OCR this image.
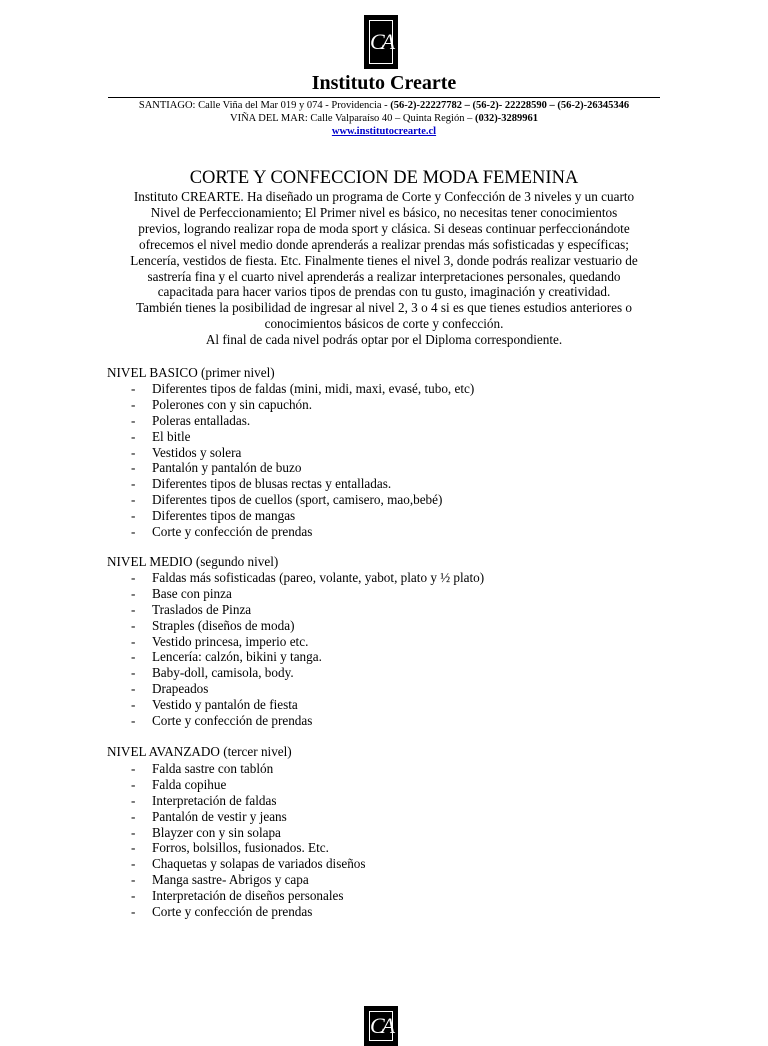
CA
Instituto Crearte
SANTIAGO: Calle Viña del Mar 019 y 074 - Providencia - (56-2)-22227782 – (56-2)- 22228590 – (56-2)-26345346
VIÑA DEL MAR: Calle Valparaíso 40 – Quinta Región – (032)-3289961
www.institutocrearte.cl
CORTE Y CONFECCION DE MODA FEMENINA

Instituto CREARTE. Ha diseñado un programa de Corte y Confección de 3 niveles y un cuarto

Nivel de Perfeccionamiento; El Primer nivel es básico, no necesitas tener conocimientos

previos, logrando realizar ropa de moda sport y clásica. Si deseas continuar perfeccionándote

ofrecemos el nivel medio donde aprenderás a realizar prendas más sofisticadas y específicas;

Lencería, vestidos de fiesta. Etc. Finalmente tienes el nivel 3, donde podrás realizar vestuario de

sastrería fina y el cuarto nivel aprenderás a realizar interpretaciones personales, quedando

capacitada para hacer varios tipos de prendas con tu gusto, imaginación y creatividad.

También tienes la posibilidad de ingresar al nivel 2, 3 o 4 si es que tienes estudios anteriores o

conocimientos básicos de corte y confección.

Al final de cada nivel podrás optar por el Diploma correspondiente.

NIVEL BASICO (primer nivel)
- Diferentes tipos de faldas (mini, midi, maxi, evasé, tubo, etc)
- Polerones con y sin capuchón.
- Poleras entalladas.
- El bitle
- Vestidos y solera
- Pantalón y pantalón de buzo
- Diferentes tipos de blusas rectas y entalladas.
- Diferentes tipos de cuellos (sport, camisero, mao,bebé)
- Diferentes tipos de mangas
- Corte y confección de prendas
NIVEL MEDIO (segundo nivel)
- Faldas más sofisticadas (pareo, volante, yabot, plato y ½ plato)
- Base con pinza
- Traslados de Pinza
- Straples (diseños de moda)
- Vestido princesa, imperio etc.
- Lencería: calzón, bikini y tanga.
- Baby-doll, camisola, body.
- Drapeados
- Vestido y pantalón de fiesta
- Corte y confección de prendas
NIVEL AVANZADO (tercer nivel)
- Falda sastre con tablón
- Falda copihue
- Interpretación de faldas
- Pantalón de vestir y jeans
- Blayzer con y sin solapa
- Forros, bolsillos, fusionados. Etc.
- Chaquetas y solapas de variados diseños
- Manga sastre- Abrigos y capa
- Interpretación de diseños personales
- Corte y confección de prendas
CA
